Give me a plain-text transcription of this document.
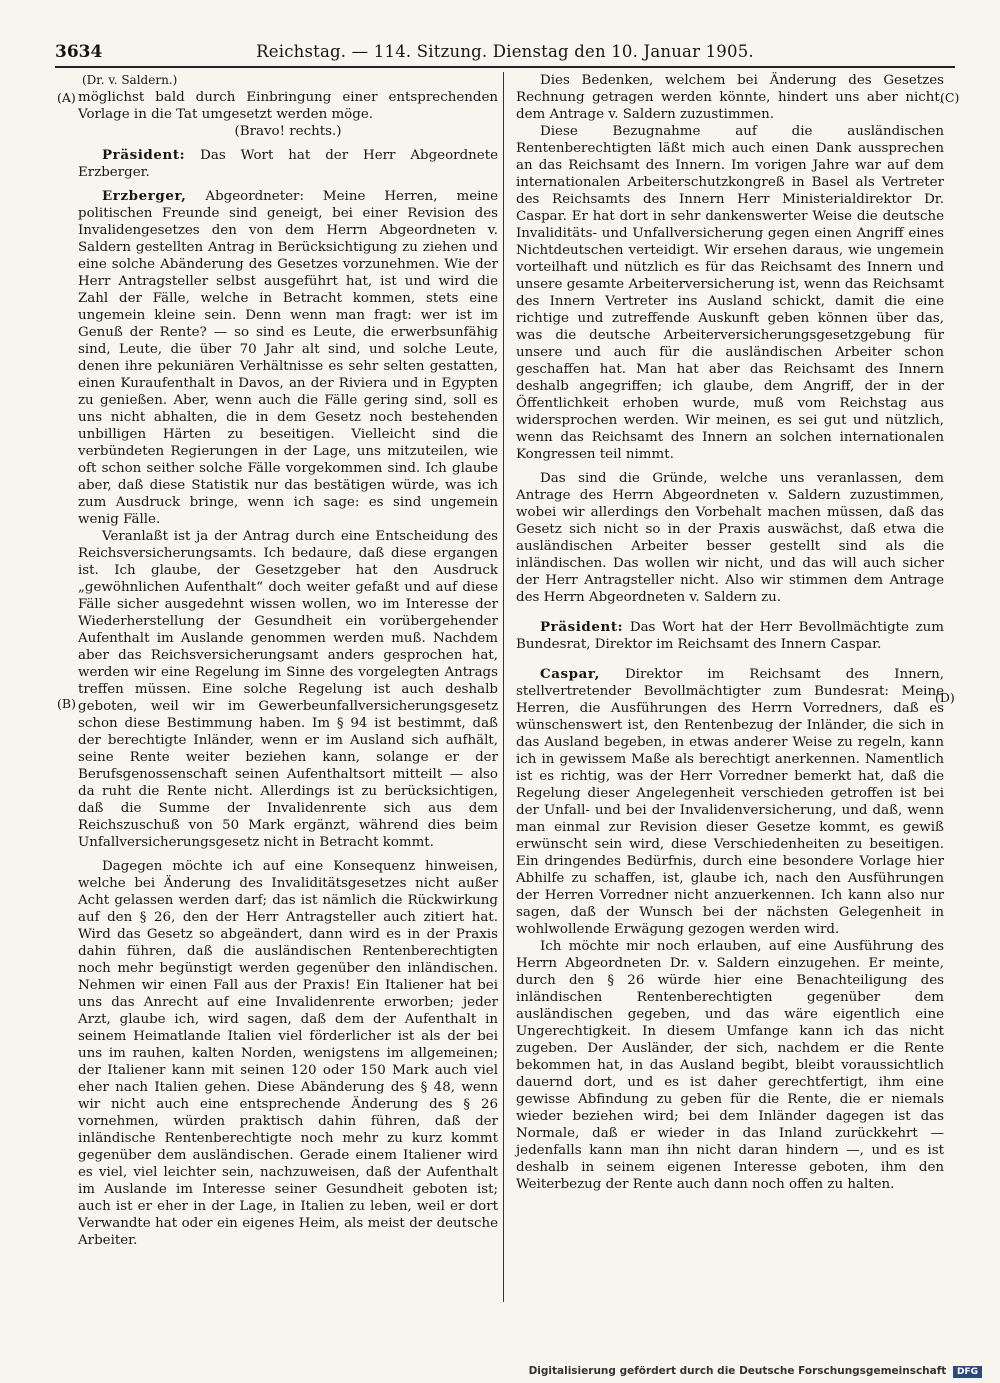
3634	Reichstag. — 114. Sitzung. Dienstag den 10. Januar 1905.
(A)
(B)
(C)
(D)

(Dr. v. Saldern.)

möglichst bald durch Einbringung einer entsprechenden Vorlage in die Tat umgesetzt werden möge.

(Bravo! rechts.)

Präsident: Das Wort hat der Herr Abgeordnete Erzberger.

Erzberger, Abgeordneter: Meine Herren, meine politischen Freunde sind geneigt, bei einer Revision des Invalidengesetzes den von dem Herrn Abgeordneten v. Saldern gestellten Antrag in Berücksichtigung zu ziehen und eine solche Abänderung des Gesetzes vorzunehmen. Wie der Herr Antragsteller selbst ausgeführt hat, ist und wird die Zahl der Fälle, welche in Betracht kommen, stets eine ungemein kleine sein. Denn wenn man fragt: wer ist im Genuß der Rente? — so sind es Leute, die erwerbsunfähig sind, Leute, die über 70 Jahr alt sind, und solche Leute, denen ihre pekuniären Verhältnisse es sehr selten gestatten, einen Kuraufenthalt in Davos, an der Riviera und in Egypten zu genießen. Aber, wenn auch die Fälle gering sind, soll es uns nicht abhalten, die in dem Gesetz noch bestehenden unbilligen Härten zu beseitigen. Vielleicht sind die verbündeten Regierungen in der Lage, uns mitzuteilen, wie oft schon seither solche Fälle vorgekommen sind. Ich glaube aber, daß diese Statistik nur das bestätigen würde, was ich zum Ausdruck bringe, wenn ich sage: es sind ungemein wenig Fälle.

Veranlaßt ist ja der Antrag durch eine Entscheidung des Reichsversicherungsamts. Ich bedaure, daß diese ergangen ist. Ich glaube, der Gesetzgeber hat den Ausdruck „gewöhnlichen Aufenthalt“ doch weiter gefaßt und auf diese Fälle sicher ausgedehnt wissen wollen, wo im Interesse der Wiederherstellung der Gesundheit ein vorübergehender Aufenthalt im Auslande genommen werden muß. Nachdem aber das Reichsversicherungsamt anders gesprochen hat, werden wir eine Regelung im Sinne des vorgelegten Antrags treffen müssen. Eine solche Regelung ist auch deshalb geboten, weil wir im Gewerbeunfallversicherungsgesetz schon diese Bestimmung haben. Im § 94 ist bestimmt, daß der berechtigte Inländer, wenn er im Ausland sich aufhält, seine Rente weiter beziehen kann, solange er der Berufsgenossenschaft seinen Aufenthaltsort mitteilt — also da ruht die Rente nicht. Allerdings ist zu berücksichtigen, daß die Summe der Invalidenrente sich aus dem Reichszuschuß von 50 Mark ergänzt, während dies beim Unfallversicherungsgesetz nicht in Betracht kommt.

Dagegen möchte ich auf eine Konsequenz hinweisen, welche bei Änderung des Invaliditätsgesetzes nicht außer Acht gelassen werden darf; das ist nämlich die Rückwirkung auf den § 26, den der Herr Antragsteller auch zitiert hat. Wird das Gesetz so abgeändert, dann wird es in der Praxis dahin führen, daß die ausländischen Rentenberechtigten noch mehr begünstigt werden gegenüber den inländischen. Nehmen wir einen Fall aus der Praxis! Ein Italiener hat bei uns das Anrecht auf eine Invalidenrente erworben; jeder Arzt, glaube ich, wird sagen, daß dem der Aufenthalt in seinem Heimatlande Italien viel förderlicher ist als der bei uns im rauhen, kalten Norden, wenigstens im allgemeinen; der Italiener kann mit seinen 120 oder 150 Mark auch viel eher nach Italien gehen. Diese Abänderung des § 48, wenn wir nicht auch eine entsprechende Änderung des § 26 vornehmen, würden praktisch dahin führen, daß der inländische Rentenberechtigte noch mehr zu kurz kommt gegenüber dem ausländischen. Gerade einem Italiener wird es viel, viel leichter sein, nachzuweisen, daß der Aufenthalt im Auslande im Interesse seiner Gesundheit geboten ist; auch ist er eher in der Lage, in Italien zu leben, weil er dort Verwandte hat oder ein eigenes Heim, als meist der deutsche Arbeiter.

Dies Bedenken, welchem bei Änderung des Gesetzes Rechnung getragen werden könnte, hindert uns aber nicht, dem Antrage v. Saldern zuzustimmen.

Diese Bezugnahme auf die ausländischen Rentenberechtigten läßt mich auch einen Dank aussprechen an das Reichsamt des Innern. Im vorigen Jahre war auf dem internationalen Arbeiterschutzkongreß in Basel als Vertreter des Reichsamts des Innern Herr Ministerialdirektor Dr. Caspar. Er hat dort in sehr dankenswerter Weise die deutsche Invaliditäts- und Unfallversicherung gegen einen Angriff eines Nichtdeutschen verteidigt. Wir ersehen daraus, wie ungemein vorteilhaft und nützlich es für das Reichsamt des Innern und unsere gesamte Arbeiterversicherung ist, wenn das Reichsamt des Innern Vertreter ins Ausland schickt, damit die eine richtige und zutreffende Auskunft geben können über das, was die deutsche Arbeiterversicherungsgesetzgebung für unsere und auch für die ausländischen Arbeiter schon geschaffen hat. Man hat aber das Reichsamt des Innern deshalb angegriffen; ich glaube, dem Angriff, der in der Öffentlichkeit erhoben wurde, muß vom Reichstag aus widersprochen werden. Wir meinen, es sei gut und nützlich, wenn das Reichsamt des Innern an solchen internationalen Kongressen teil nimmt.

Das sind die Gründe, welche uns veranlassen, dem Antrage des Herrn Abgeordneten v. Saldern zuzustimmen, wobei wir allerdings den Vorbehalt machen müssen, daß das Gesetz sich nicht so in der Praxis auswächst, daß etwa die ausländischen Arbeiter besser gestellt sind als die inländischen. Das wollen wir nicht, und das will auch sicher der Herr Antragsteller nicht. Also wir stimmen dem Antrage des Herrn Abgeordneten v. Saldern zu.

Präsident: Das Wort hat der Herr Bevollmächtigte zum Bundesrat, Direktor im Reichsamt des Innern Caspar.

Caspar, Direktor im Reichsamt des Innern, stellvertretender Bevollmächtigter zum Bundesrat: Meine Herren, die Ausführungen des Herrn Vorredners, daß es wünschenswert ist, den Rentenbezug der Inländer, die sich in das Ausland begeben, in etwas anderer Weise zu regeln, kann ich in gewissem Maße als berechtigt anerkennen. Namentlich ist es richtig, was der Herr Vorredner bemerkt hat, daß die Regelung dieser Angelegenheit verschieden getroffen ist bei der Unfall- und bei der Invalidenversicherung, und daß, wenn man einmal zur Revision dieser Gesetze kommt, es gewiß erwünscht sein wird, diese Verschiedenheiten zu beseitigen. Ein dringendes Bedürfnis, durch eine besondere Vorlage hier Abhilfe zu schaffen, ist, glaube ich, nach den Ausführungen der Herren Vorredner nicht anzuerkennen. Ich kann also nur sagen, daß der Wunsch bei der nächsten Gelegenheit in wohlwollende Erwägung gezogen werden wird.

Ich möchte mir noch erlauben, auf eine Ausführung des Herrn Abgeordneten Dr. v. Saldern einzugehen. Er meinte, durch den § 26 würde hier eine Benachteiligung des inländischen Rentenberechtigten gegenüber dem ausländischen gegeben, und das wäre eigentlich eine Ungerechtigkeit. In diesem Umfange kann ich das nicht zugeben. Der Ausländer, der sich, nachdem er die Rente bekommen hat, in das Ausland begibt, bleibt voraussichtlich dauernd dort, und es ist daher gerechtfertigt, ihm eine gewisse Abfindung zu geben für die Rente, die er niemals wieder beziehen wird; bei dem Inländer dagegen ist das Normale, daß er wieder in das Inland zurückkehrt — jedenfalls kann man ihn nicht daran hindern —, und es ist deshalb in seinem eigenen Interesse geboten, ihm den Weiterbezug der Rente auch dann noch offen zu halten.

Digitalisierung gefördert durch die Deutsche Forschungsgemeinschaft DFG
